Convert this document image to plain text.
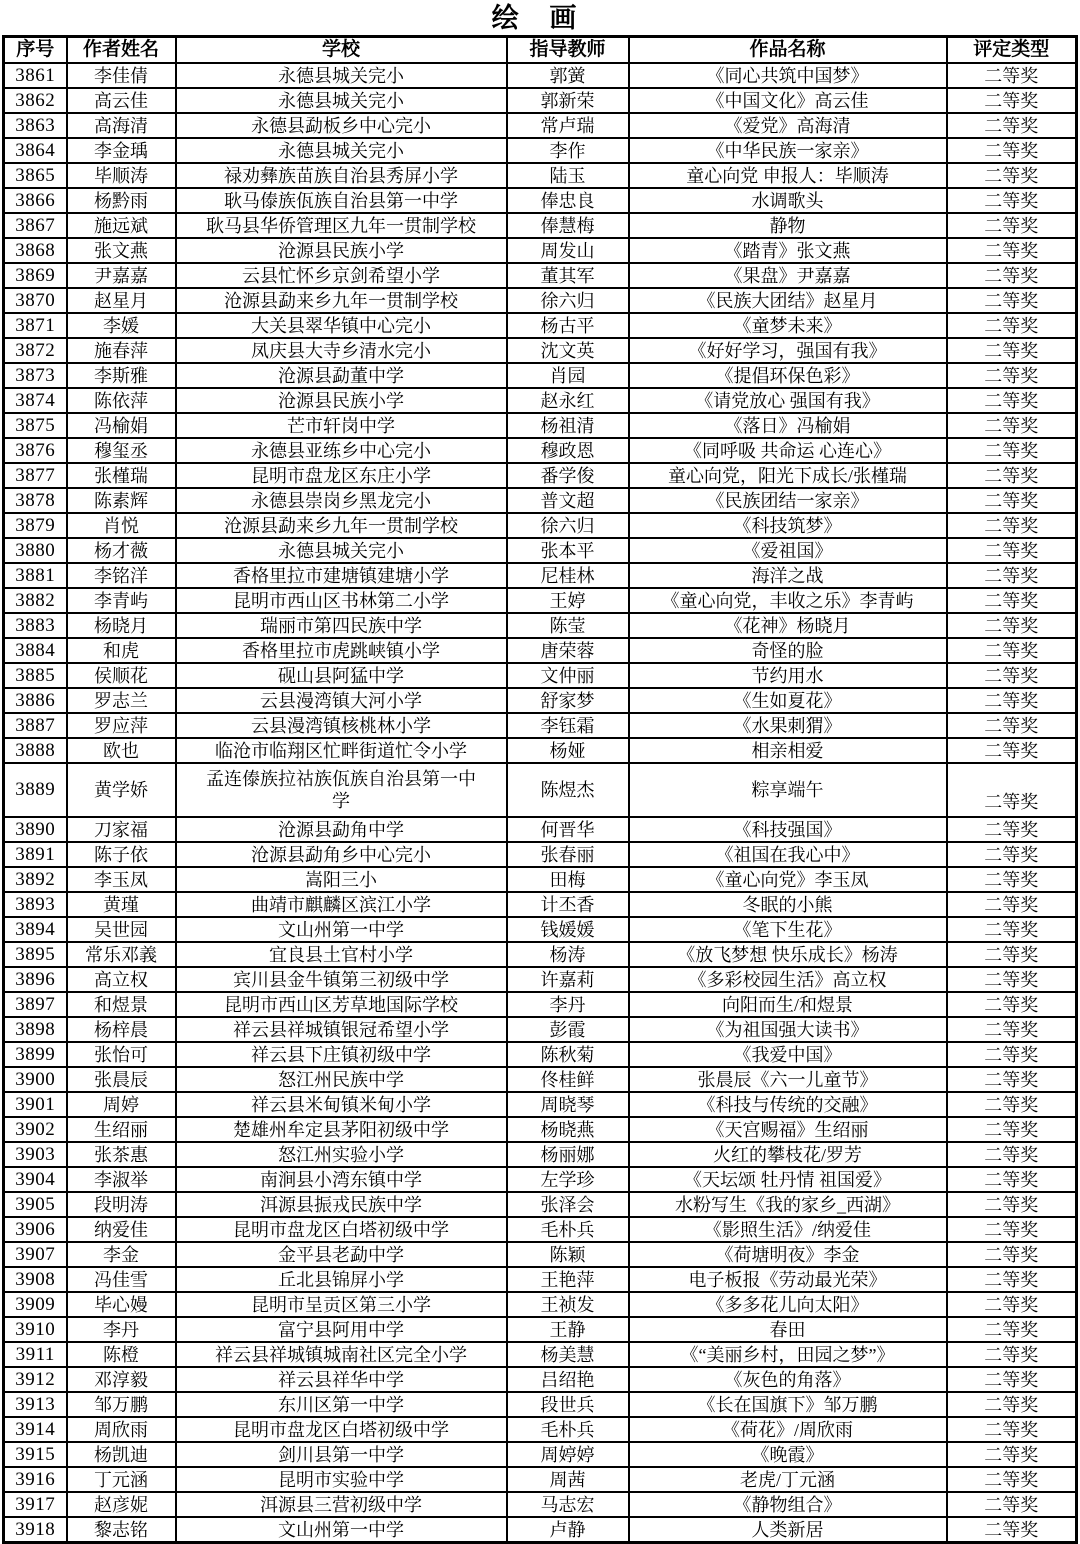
绘 画
序号	作者姓名	学校	指导教师	作品名称	评定类型
3861	李佳倩	永德县城关完小	郭黉	《同心共筑中国梦》	二等奖
3862	高云佳	永德县城关完小	郭新荣	《中国文化》高云佳	二等奖
3863	高海清	永德县勐板乡中心完小	常卢瑞	《爱党》高海清	二等奖
3864	李金瑀	永德县城关完小	李作	《中华民族一家亲》	二等奖
3865	毕顺涛	禄劝彝族苗族自治县秀屏小学	陆玉	童心向党 申报人：毕顺涛	二等奖
3866	杨黔雨	耿马傣族佤族自治县第一中学	俸忠良	水调歌头	二等奖
3867	施远斌	耿马县华侨管理区九年一贯制学校	俸慧梅	静物	二等奖
3868	张文燕	沧源县民族小学	周发山	《踏青》张文燕	二等奖
3869	尹嘉嘉	云县忙怀乡京剑希望小学	董其军	《果盘》尹嘉嘉	二等奖
3870	赵星月	沧源县勐来乡九年一贯制学校	徐六归	《民族大团结》赵星月	二等奖
3871	李媛	大关县翠华镇中心完小	杨古平	《童梦未来》	二等奖
3872	施春萍	凤庆县大寺乡清水完小	沈文英	《好好学习，强国有我》	二等奖
3873	李斯雅	沧源县勐董中学	肖园	《提倡环保色彩》	二等奖
3874	陈依萍	沧源县民族小学	赵永红	《请党放心 强国有我》	二等奖
3875	冯榆娟	芒市轩岗中学	杨祖清	《落日》冯榆娟	二等奖
3876	穆玺丞	永德县亚练乡中心完小	穆政恩	《同呼吸 共命运 心连心》	二等奖
3877	张槿瑞	昆明市盘龙区东庄小学	番学俊	童心向党，阳光下成长/张槿瑞	二等奖
3878	陈素辉	永德县崇岗乡黑龙完小	普文超	《民族团结一家亲》	二等奖
3879	肖悦	沧源县勐来乡九年一贯制学校	徐六归	《科技筑梦》	二等奖
3880	杨才薇	永德县城关完小	张本平	《爱祖国》	二等奖
3881	李铭洋	香格里拉市建塘镇建塘小学	尼桂林	海洋之战	二等奖
3882	李青屿	昆明市西山区书林第二小学	王婷	《童心向党，丰收之乐》李青屿	二等奖
3883	杨晓月	瑞丽市第四民族中学	陈莹	《花神》杨晓月	二等奖
3884	和虎	香格里拉市虎跳峡镇小学	唐荣蓉	奇怪的脸	二等奖
3885	侯顺花	砚山县阿猛中学	文仲丽	节约用水	二等奖
3886	罗志兰	云县漫湾镇大河小学	舒家梦	《生如夏花》	二等奖
3887	罗应萍	云县漫湾镇核桃林小学	李钰霜	《水果刺猬》	二等奖
3888	欧也	临沧市临翔区忙畔街道忙令小学	杨娅	相亲相爱	二等奖
3889	黄学娇	孟连傣族拉祜族佤族自治县第一中学	陈煜杰	粽享端午	二等奖
3890	刀家福	沧源县勐角中学	何晋华	《科技强国》	二等奖
3891	陈子依	沧源县勐角乡中心完小	张春丽	《祖国在我心中》	二等奖
3892	李玉凤	嵩阳三小	田梅	《童心向党》李玉凤	二等奖
3893	黄瑾	曲靖市麒麟区滨江小学	计丕香	冬眠的小熊	二等奖
3894	吴世园	文山州第一中学	钱媛媛	《笔下生花》	二等奖
3895	常乐邓義	宜良县土官村小学	杨涛	《放飞梦想 快乐成长》杨涛	二等奖
3896	高立权	宾川县金牛镇第三初级中学	许嘉莉	《多彩校园生活》高立权	二等奖
3897	和煜景	昆明市西山区芳草地国际学校	李丹	向阳而生/和煜景	二等奖
3898	杨梓晨	祥云县祥城镇银冠希望小学	彭霞	《为祖国强大读书》	二等奖
3899	张怡可	祥云县下庄镇初级中学	陈秋菊	《我爱中国》	二等奖
3900	张晨辰	怒江州民族中学	佟桂鲜	张晨辰《六一儿童节》	二等奖
3901	周婷	祥云县米甸镇米甸小学	周晓琴	《科技与传统的交融》	二等奖
3902	生绍丽	楚雄州牟定县茅阳初级中学	杨晓燕	《天宫赐福》生绍丽	二等奖
3903	张茶惠	怒江州实验小学	杨丽娜	火红的攀枝花/罗芳	二等奖
3904	李淑举	南涧县小湾东镇中学	左学珍	《天坛颂 牡丹情 祖国爱》	二等奖
3905	段明涛	洱源县振戎民族中学	张泽会	水粉写生《我的家乡_西湖》	二等奖
3906	纳爱佳	昆明市盘龙区白塔初级中学	毛朴兵	《影照生活》/纳爱佳	二等奖
3907	李金	金平县老勐中学	陈颖	《荷塘明夜》李金	二等奖
3908	冯佳雪	丘北县锦屏小学	王艳萍	电子板报《劳动最光荣》	二等奖
3909	毕心嫚	昆明市呈贡区第三小学	王祯发	《多多花儿向太阳》	二等奖
3910	李丹	富宁县阿用中学	王静	春田	二等奖
3911	陈橙	祥云县祥城镇城南社区完全小学	杨美慧	《“美丽乡村，田园之梦”》	二等奖
3912	邓淳毅	祥云县祥华中学	吕绍艳	《灰色的角落》	二等奖
3913	邹万鹏	东川区第一中学	段世兵	《长在国旗下》邹万鹏	二等奖
3914	周欣雨	昆明市盘龙区白塔初级中学	毛朴兵	《荷花》/周欣雨	二等奖
3915	杨凯迪	剑川县第一中学	周婷婷	《晚霞》	二等奖
3916	丁元涵	昆明市实验中学	周茜	老虎/丁元涵	二等奖
3917	赵彦妮	洱源县三营初级中学	马志宏	《静物组合》	二等奖
3918	黎志铭	文山州第一中学	卢静	人类新居	二等奖
